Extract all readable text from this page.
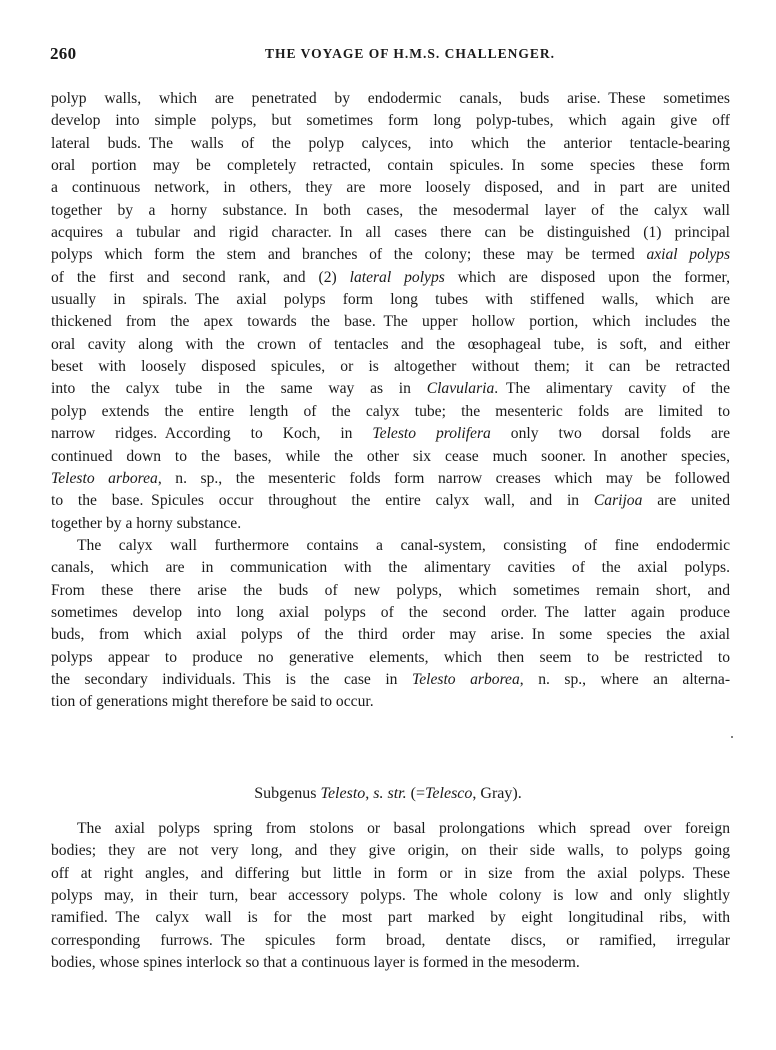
260	THE VOYAGE OF H.M.S. CHALLENGER.

polyp walls, which are penetrated by endodermic canals, buds arise. These sometimes
develop into simple polyps, but sometimes form long polyp-tubes, which again give off
lateral buds. The walls of the polyp calyces, into which the anterior tentacle-bearing
oral portion may be completely retracted, contain spicules. In some species these form
a continuous network, in others, they are more loosely disposed, and in part are united
together by a horny substance. In both cases, the mesodermal layer of the calyx wall
acquires a tubular and rigid character. In all cases there can be distinguished (1) principal
polyps which form the stem and branches of the colony; these may be termed axial polyps
of the first and second rank, and (2) lateral polyps which are disposed upon the former,
usually in spirals. The axial polyps form long tubes with stiffened walls, which are
thickened from the apex towards the base. The upper hollow portion, which includes the
oral cavity along with the crown of tentacles and the œsophageal tube, is soft, and either
beset with loosely disposed spicules, or is altogether without them; it can be retracted
into the calyx tube in the same way as in Clavularia. The alimentary cavity of the
polyp extends the entire length of the calyx tube; the mesenteric folds are limited to
narrow ridges. According to Koch, in Telesto prolifera only two dorsal folds are
continued down to the bases, while the other six cease much sooner. In another species,
Telesto arborea, n. sp., the mesenteric folds form narrow creases which may be followed
to the base. Spicules occur throughout the entire calyx wall, and in Carijoa are united
together by a horny substance.

The calyx wall furthermore contains a canal-system, consisting of fine endodermic
canals, which are in communication with the alimentary cavities of the axial polyps.
From these there arise the buds of new polyps, which sometimes remain short, and
sometimes develop into long axial polyps of the second order. The latter again produce
buds, from which axial polyps of the third order may arise. In some species the axial
polyps appear to produce no generative elements, which then seem to be restricted to
the secondary individuals. This is the case in Telesto arborea, n. sp., where an alterna-
tion of generations might therefore be said to occur.

Subgenus Telesto, s. str. (=Telesco, Gray).

The axial polyps spring from stolons or basal prolongations which spread over foreign
bodies; they are not very long, and they give origin, on their side walls, to polyps going
off at right angles, and differing but little in form or in size from the axial polyps. These
polyps may, in their turn, bear accessory polyps. The whole colony is low and only slightly
ramified. The calyx wall is for the most part marked by eight longitudinal ribs, with
corresponding furrows. The spicules form broad, dentate discs, or ramified, irregular
bodies, whose spines interlock so that a continuous layer is formed in the mesoderm.
